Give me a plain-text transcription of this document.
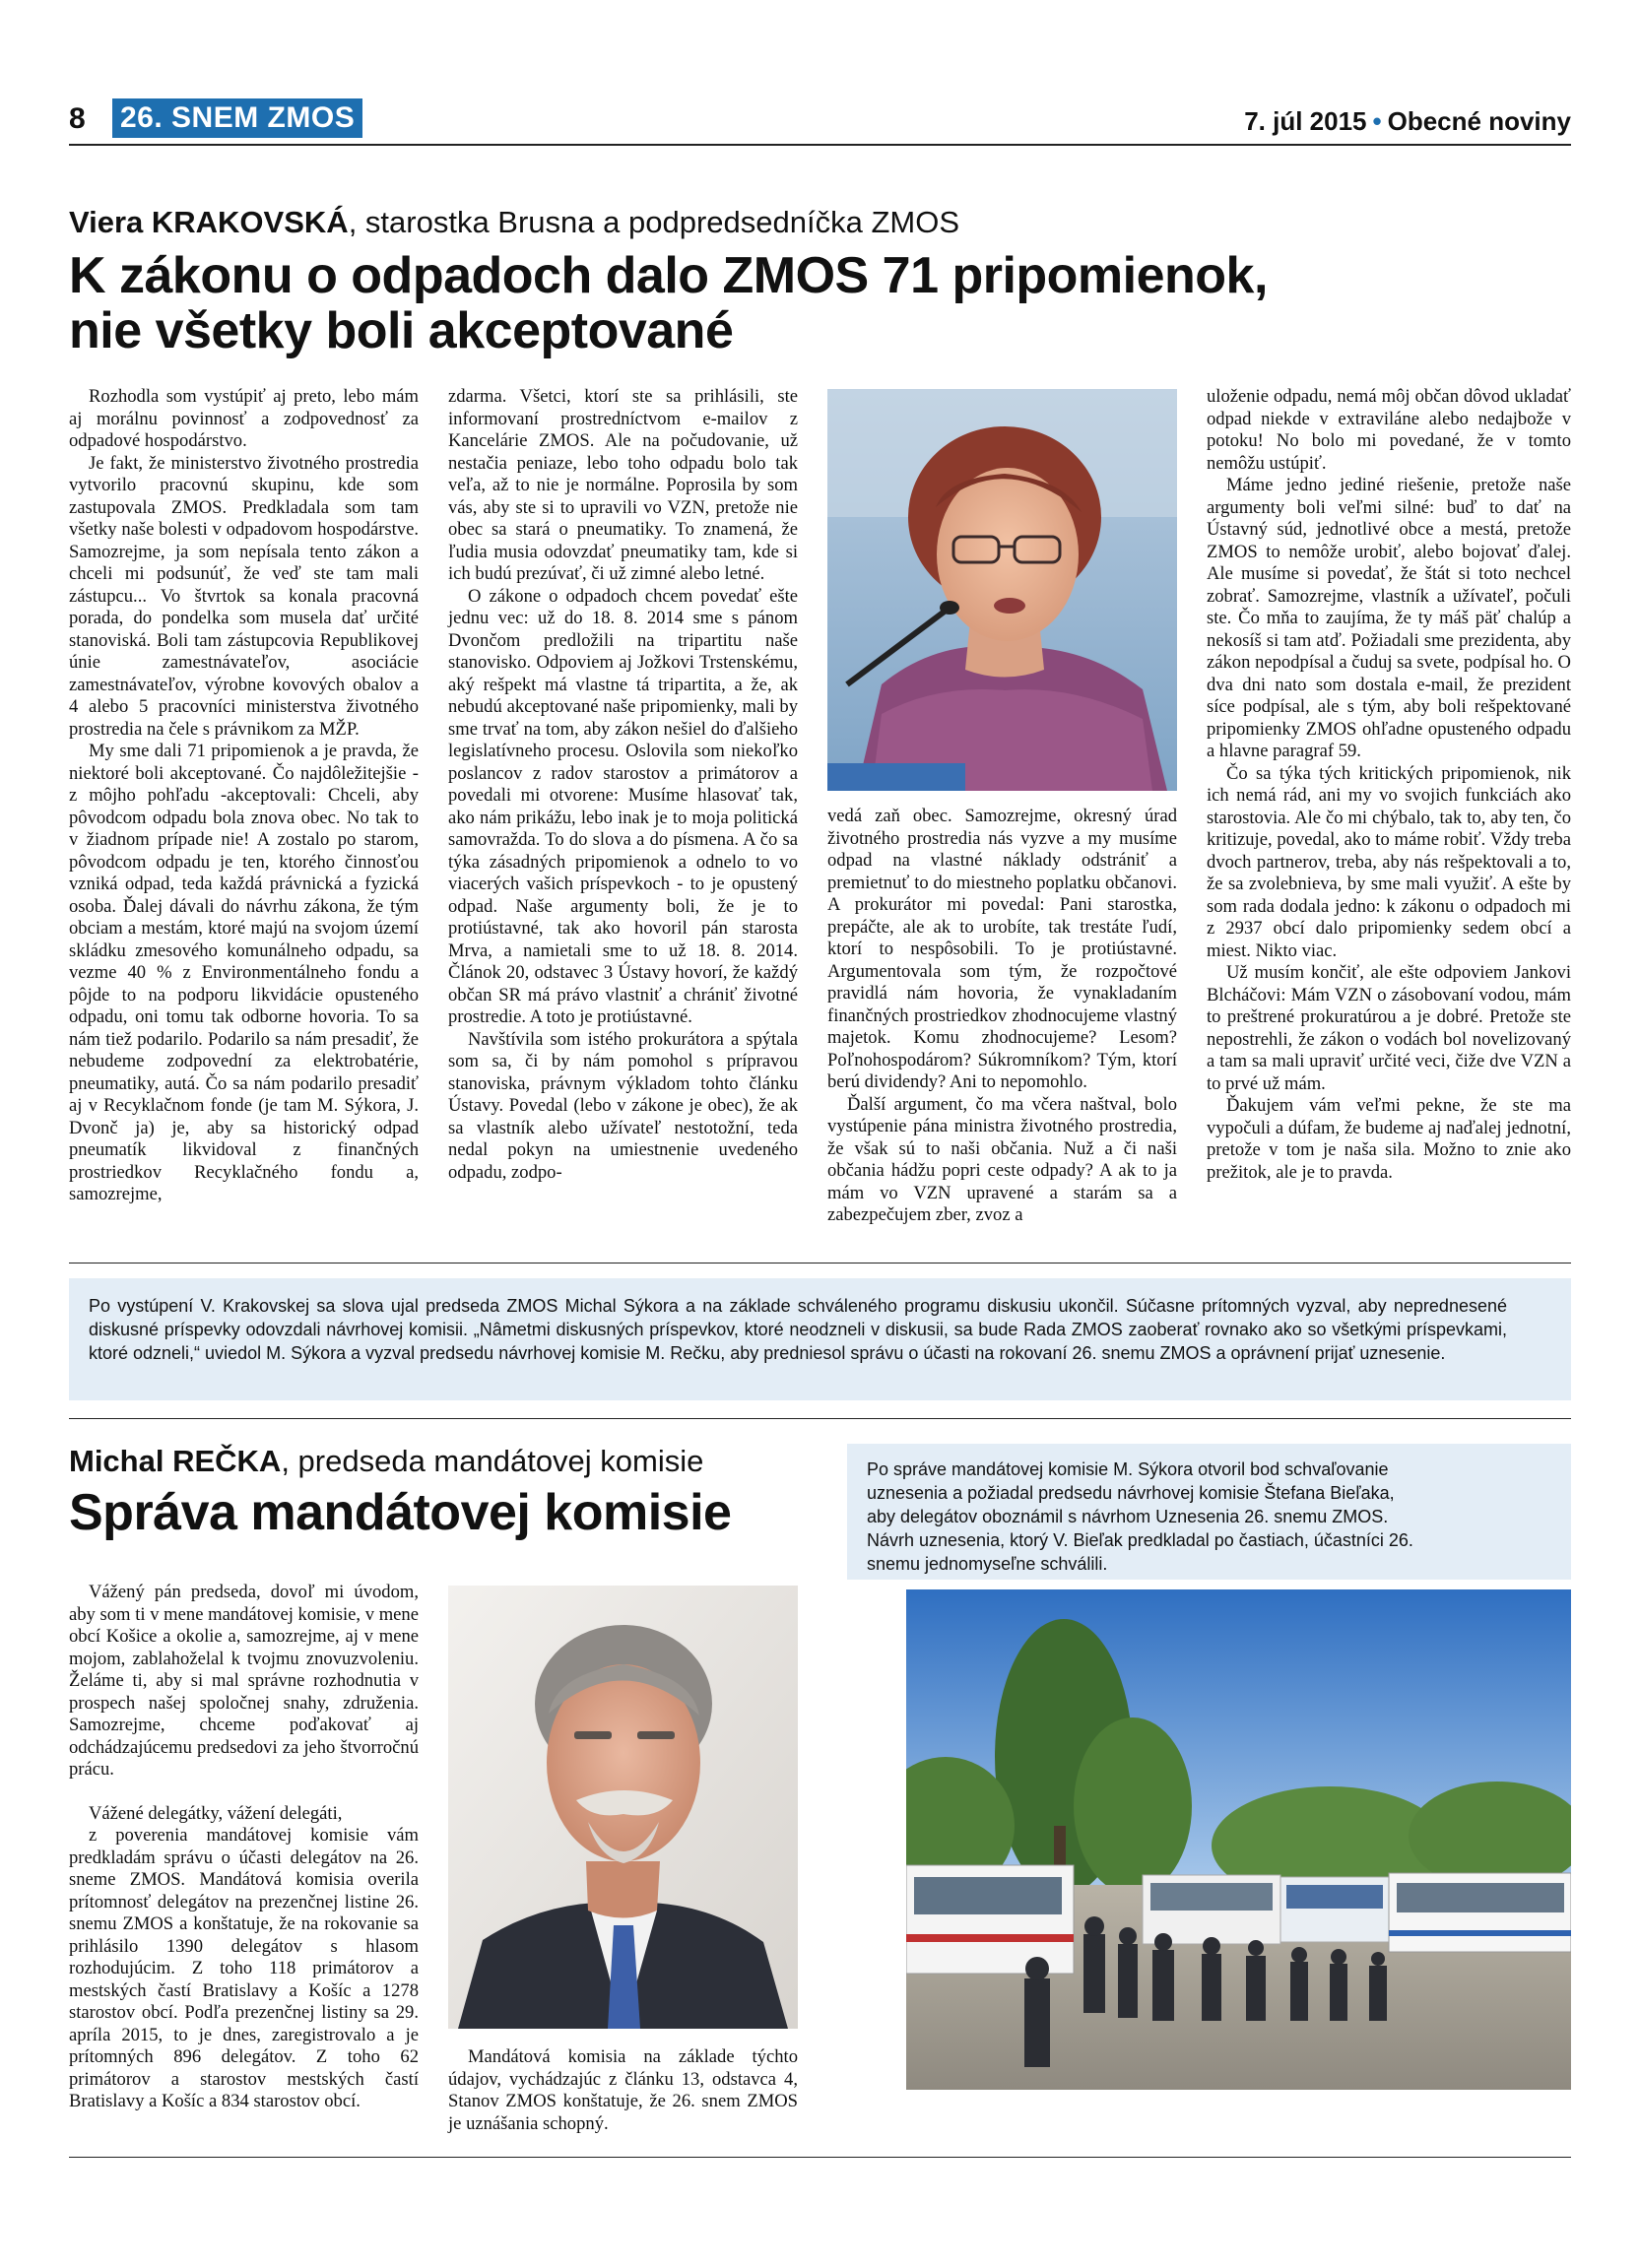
8 26. SNEM ZMOS	7. júl 2015 • Obecné noviny
Viera KRAKOVSKÁ, starostka Brusna a podpredsedníčka ZMOS
K zákonu o odpadoch dalo ZMOS 71 pripomienok,
nie všetky boli akceptované

Rozhodla som vystúpiť aj preto, lebo mám aj morálnu povinnosť a zodpovednosť za odpadové hospodárstvo.

Je fakt, že ministerstvo životného prostredia vytvorilo pracovnú skupinu, kde som zastupovala ZMOS. Predkladala som tam všetky naše bolesti v odpadovom hospodárstve. Samozrejme, ja som nepísala tento zákon a chceli mi podsunúť, že veď ste tam mali zástupcu... Vo štvrtok sa konala pracovná porada, do pondelka som musela dať určité stanoviská. Boli tam zástupcovia Republikovej únie zamestnávateľov, asociácie zamestnávateľov, výrobne kovových obalov a 4 alebo 5 pracovníci ministerstva životného prostredia na čele s právnikom za MŽP.

My sme dali 71 pripomienok a je pravda, že niektoré boli akceptované. Čo najdôležitejšie - z môjho pohľadu -akceptovali: Chceli, aby pôvodcom odpadu bola znova obec. No tak to v žiadnom prípade nie! A zostalo po starom, pôvodcom odpadu je ten, ktorého činnosťou vzniká odpad, teda každá právnická a fyzická osoba. Ďalej dávali do návrhu zákona, že tým obciam a mestám, ktoré majú na svojom území skládku zmesového komunálneho odpadu, sa vezme 40 % z Environmentálneho fondu a pôjde to na podporu likvidácie opusteného odpadu, oni tomu tak odborne hovoria. To sa nám tiež podarilo. Podarilo sa nám presadiť, že nebudeme zodpovední za elektrobatérie, pneumatiky, autá. Čo sa nám podarilo presadiť aj v Recyklačnom fonde (je tam M. Sýkora, J. Dvonč ja) je, aby sa historický odpad pneumatík likvidoval z finančných prostriedkov Recyklačného fondu a, samozrejme,

zdarma. Všetci, ktorí ste sa prihlásili, ste informovaní prostredníctvom e-mailov z Kancelárie ZMOS. Ale na počudovanie, už nestačia peniaze, lebo toho odpadu bolo tak veľa, až to nie je normálne. Poprosila by som vás, aby ste si to upravili vo VZN, pretože nie obec sa stará o pneumatiky. To znamená, že ľudia musia odovzdať pneumatiky tam, kde si ich budú prezúvať, či už zimné alebo letné.

O zákone o odpadoch chcem povedať ešte jednu vec: už do 18. 8. 2014 sme s pánom Dvončom predložili na tripartitu naše stanovisko. Odpoviem aj Jožkovi Trstenskému, aký rešpekt má vlastne tá tripartita, a že, ak nebudú akceptované naše pripomienky, mali by sme trvať na tom, aby zákon nešiel do ďalšieho legislatívneho procesu. Oslovila som niekoľko poslancov z radov starostov a primátorov a povedali mi otvorene: Musíme hlasovať tak, ako nám prikážu, lebo inak je to moja politická samovražda. To do slova a do písmena. A čo sa týka zásadných pripomienok a odnelo to vo viacerých vašich príspevkoch - to je opustený odpad. Naše argumenty boli, že je to protiústavné, tak ako hovoril pán starosta Mrva, a namietali sme to už 18. 8. 2014. Článok 20, odstavec 3 Ústavy hovorí, že každý občan SR má právo vlastniť a chrániť životné prostredie. A toto je protiústavné.

Navštívila som istého prokurátora a spýtala som sa, či by nám pomohol s prípravou stanoviska, právnym výkladom tohto článku Ústavy. Povedal (lebo v zákone je obec), že ak sa vlastník alebo užívateľ nestotožní, teda nedal pokyn na umiestnenie uvedeného odpadu, zodpo-

vedá zaň obec. Samozrejme, okresný úrad životného prostredia nás vyzve a my musíme odpad na vlastné náklady odstrániť a premietnuť to do miestneho poplatku občanovi. A prokurátor mi povedal: Pani starostka, prepáčte, ale ak to urobíte, tak trestáte ľudí, ktorí to nespôsobili. To je protiústavné. Argumentovala som tým, že rozpočtové pravidlá nám hovoria, že vynakladaním finančných prostriedkov zhodnocujeme vlastný majetok. Komu zhodnocujeme? Lesom? Poľnohospodárom? Súkromníkom? Tým, ktorí berú dividendy? Ani to nepomohlo.

Ďalší argument, čo ma včera naštval, bolo vystúpenie pána ministra životného prostredia, že však sú to naši občania. Nuž a či naši občania hádžu popri ceste odpady? A ak to ja mám vo VZN upravené a starám sa a zabezpečujem zber, zvoz a

uloženie odpadu, nemá môj občan dôvod ukladať odpad niekde v extraviláne alebo nedajbože v potoku! No bolo mi povedané, že v tomto nemôžu ustúpiť.

Máme jedno jediné riešenie, pretože naše argumenty boli veľmi silné: buď to dať na Ústavný súd, jednotlivé obce a mestá, pretože ZMOS to nemôže urobiť, alebo bojovať ďalej. Ale musíme si povedať, že štát si toto nechcel zobrať. Samozrejme, vlastník a užívateľ, počuli ste. Čo mňa to zaujíma, že ty máš päť chalúp a nekosíš si tam atď. Požiadali sme prezidenta, aby zákon nepodpísal a čuduj sa svete, podpísal ho. O dva dni nato som dostala e-mail, že prezident síce podpísal, ale s tým, aby boli rešpektované pripomienky ZMOS ohľadne opusteného odpadu a hlavne paragraf 59.

Čo sa týka tých kritických pripomienok, nik ich nemá rád, ani my vo svojich funkciách ako starostovia. Ale čo mi chýbalo, tak to, aby ten, čo kritizuje, povedal, ako to máme robiť. Vždy treba dvoch partnerov, treba, aby nás rešpektovali a to, že sa zvolebnieva, by sme mali využiť. A ešte by som rada dodala jedno: k zákonu o odpadoch mi z 2937 obcí dalo pripomienky sedem obcí a miest. Nikto viac.

Už musím končiť, ale ešte odpoviem Jankovi Blcháčovi: Mám VZN o zásobovaní vodou, mám to preštrené prokuratúrou a je dobré. Pretože ste nepostrehli, že zákon o vodách bol novelizovaný a tam sa mali upraviť určité veci, čiže dve VZN a to prvé už mám.

Ďakujem vám veľmi pekne, že ste ma vypočuli a dúfam, že budeme aj naďalej jednotní, pretože v tom je naša sila. Možno to znie ako prežitok, ale je to pravda.

Po vystúpení V. Krakovskej sa slova ujal predseda ZMOS Michal Sýkora a na základe schváleného programu diskusiu ukončil. Súčasne prítomných vyzval, aby neprednesené diskusné príspevky odovzdali návrhovej komisii. „Nâmetmi diskusných príspevkov, ktoré neodzneli v diskusii, sa bude Rada ZMOS zaoberať rovnako ako so všetkými príspevkami, ktoré odzneli,“ uviedol M. Sýkora a vyzval predsedu návrhovej komisie M. Rečku, aby predniesol správu o účasti na rokovaní 26. snemu ZMOS a oprávnení prijať uznesenie.
Michal REČKA, predseda mandátovej komisie
Správa mandátovej komisie
Po správe mandátovej komisie M. Sýkora otvoril bod schvaľovanie uznesenia a požiadal predsedu návrhovej komisie Štefana Bieľaka, aby delegátov oboznámil s návrhom Uznesenia 26. snemu ZMOS. Návrh uznesenia, ktorý V. Bieľak predkladal po častiach, účastníci 26. snemu jednomyseľne schválili.

Vážený pán predseda, dovoľ mi úvodom, aby som ti v mene mandátovej komisie, v mene obcí Košice a okolie a, samozrejme, aj v mene mojom, zablahoželal k tvojmu znovuzvoleniu. Želáme ti, aby si mal správne rozhodnutia v prospech našej spoločnej snahy, združenia. Samozrejme, chceme poďakovať aj odchádzajúcemu predsedovi za jeho štvorročnú prácu.

Vážené delegátky, vážení delegáti,

z poverenia mandátovej komisie vám predkladám správu o účasti delegátov na 26. sneme ZMOS. Mandátová komisia overila prítomnosť delegátov na prezenčnej listine 26. snemu ZMOS a konštatuje, že na rokovanie sa prihlásilo 1390 delegátov s hlasom rozhodujúcim. Z toho 118 primátorov a mestských častí Bratislavy a Košíc a 1278 starostov obcí. Podľa prezenčnej listiny sa 29. apríla 2015, to je dnes, zaregistrovalo a je prítomných 896 delegátov. Z toho 62 primátorov a starostov mestských častí Bratislavy a Košíc a 834 starostov obcí.

Mandátová komisia na základe týchto údajov, vychádzajúc z článku 13, odstavca 4, Stanov ZMOS konštatuje, že 26. snem ZMOS je uznášania schopný.
